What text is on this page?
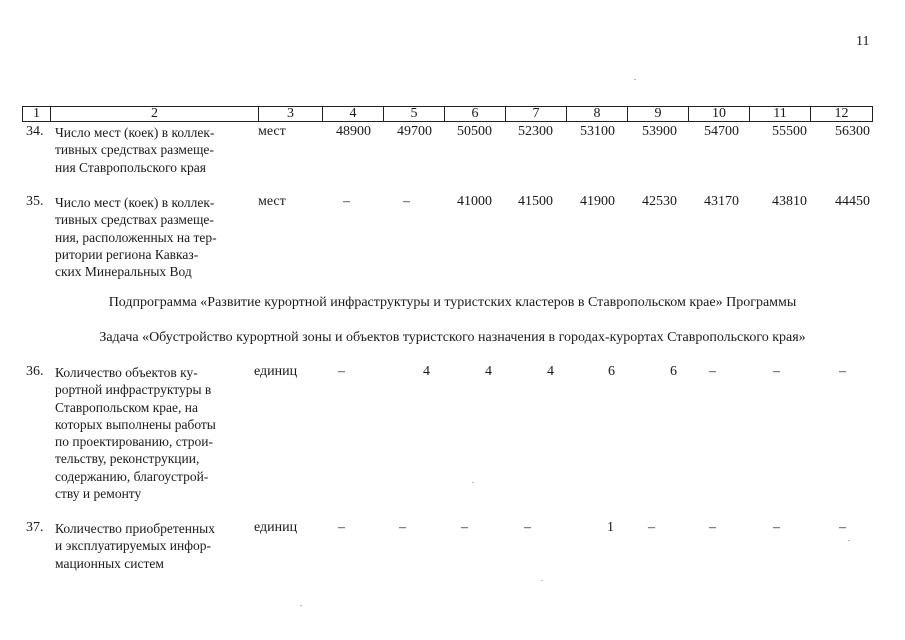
11
1	2	3	4	5	6	7	8	9	10	11	12
34. Число мест (коек) в коллек-
тивных средствах размеще-
ния Ставропольского края
мест	48900	49700	50500	52300	53100	53900	54700	55500	56300
35. Число мест (коек) в коллек-
тивных средствах размеще-
ния, расположенных на тер-
ритории региона Кавказ-
ских Минеральных Вод
мест	–	–	41000	41500	41900	42530	43170	43810	44450
Подпрограмма «Развитие курортной инфраструктуры и туристских кластеров в Ставропольском крае» Программы
Задача «Обустройство курортной зоны и объектов туристского назначения в городах-курортах Ставропольского края»
36. Количество объектов ку-
рортной инфраструктуры в
Ставропольском крае, на
которых выполнены работы
по проектированию, строи-
тельству, реконструкции,
содержанию, благоустрой-
ству и ремонту
единиц	–	4	4	4	6	6	–	–	–
37. Количество приобретенных
и эксплуатируемых инфор-
мационных систем
единиц	–	–	–	–	1	–	–	–	–
